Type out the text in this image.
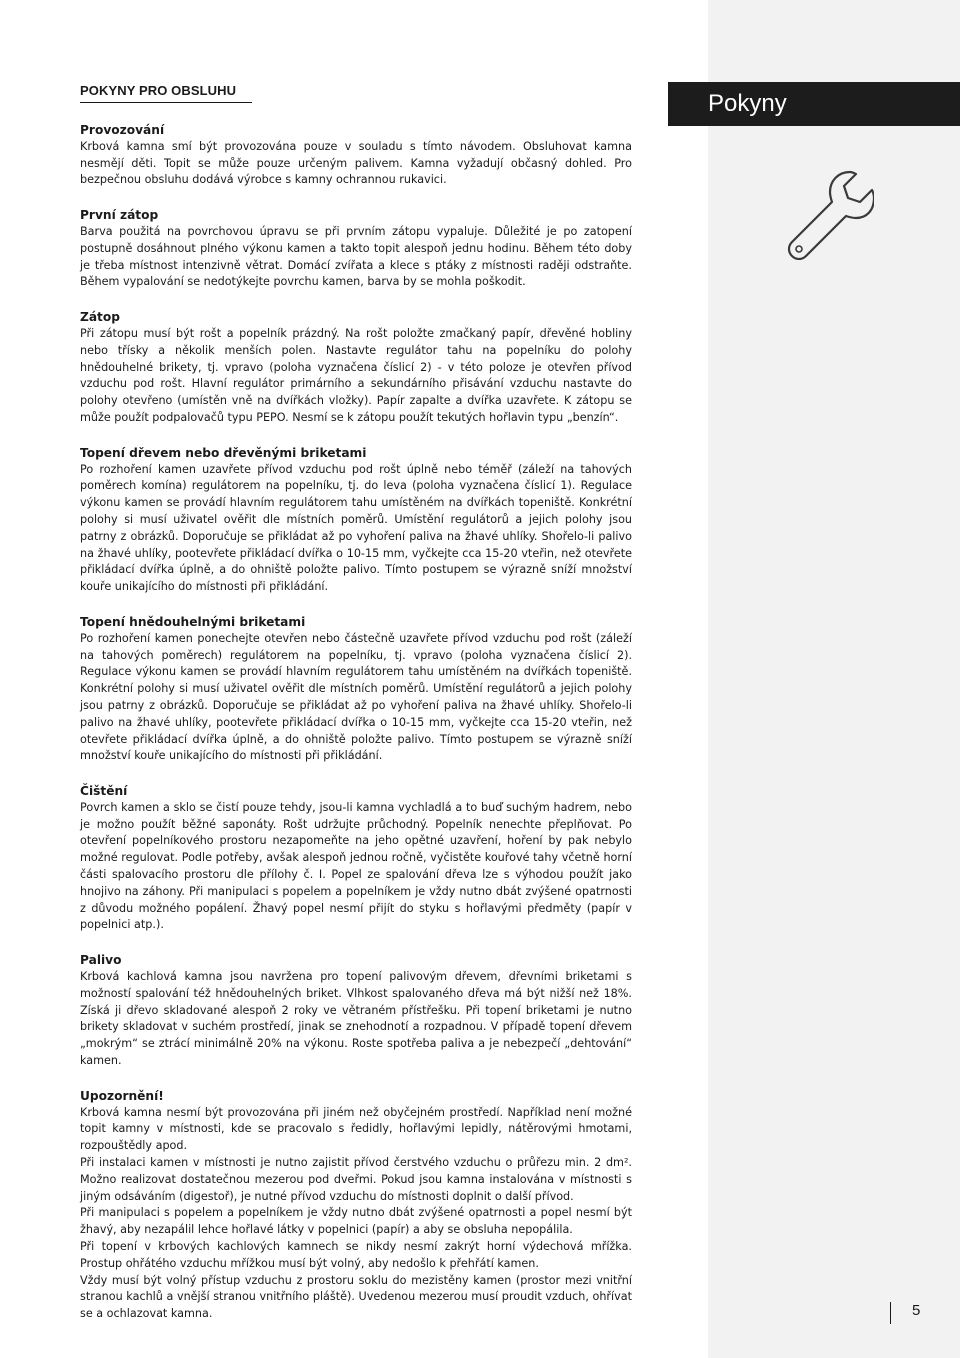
Pokyny
POKYNY PRO OBSLUHU
Provozování

Krbová kamna smí být provozována pouze v souladu s tímto návodem. Obsluhovat kamna nesmějí děti. Topit se může pouze určeným palivem. Kamna vyžadují občasný dohled. Pro bezpečnou obsluhu dodává výrobce s kamny ochrannou rukavici.

První zátop

Barva použitá na povrchovou úpravu se při prvním zátopu vypaluje. Důležité je po zatopení postupně dosáhnout plného výkonu kamen a takto topit alespoň jednu hodinu. Během této doby je třeba místnost intenzivně větrat. Domácí zvířata a klece s ptáky z místnosti raději odstraňte. Během vypalování se nedotýkejte povrchu kamen, barva by se mohla poškodit.

Zátop

Při zátopu musí být rošt a popelník prázdný. Na rošt položte zmačkaný papír, dřevěné hobliny nebo třísky a několik menších polen. Nastavte regulátor tahu na popelníku do polohy hnědouhelné brikety, tj. vpravo (poloha vyznačena číslicí 2) - v této poloze je otevřen přívod vzduchu pod rošt. Hlavní regulátor primárního a sekundárního přisávání vzduchu nastavte do polohy otevřeno (umístěn vně na dvířkách vložky). Papír zapalte a dvířka uzavřete. K zátopu se může použít podpalovačů typu PEPO. Nesmí se k zátopu použít tekutých hořlavin typu „benzín“.

Topení dřevem nebo dřevěnými briketami

Po rozhoření kamen uzavřete přívod vzduchu pod rošt úplně nebo téměř (záleží na tahových poměrech komína) regulátorem na popelníku, tj. do leva (poloha vyznačena číslicí 1). Regulace výkonu kamen se provádí hlavním regulátorem tahu umístěném na dvířkách topeniště. Konkrétní polohy si musí uživatel ověřit dle místních poměrů. Umístění regulátorů a jejich polohy jsou patrny z obrázků. Doporučuje se přikládat až po vyhoření paliva na žhavé uhlíky. Shořelo-li palivo na žhavé uhlíky, pootevřete přikládací dvířka o 10-15 mm, vyčkejte cca 15-20 vteřin, než otevřete přikládací dvířka úplně, a do ohniště položte palivo. Tímto postupem se výrazně sníží množství kouře unikajícího do místnosti při přikládání.

Topení hnědouhelnými briketami

Po rozhoření kamen ponechejte otevřen nebo částečně uzavřete přívod vzduchu pod rošt (záleží na tahových poměrech) regulátorem na popelníku, tj. vpravo (poloha vyznačena číslicí 2). Regulace výkonu kamen se provádí hlavním regulátorem tahu umístěném na dvířkách topeniště. Konkrétní polohy si musí uživatel ověřit dle místních poměrů. Umístění regulátorů a jejich polohy jsou patrny z obrázků. Doporučuje se přikládat až po vyhoření paliva na žhavé uhlíky. Shořelo-li palivo na žhavé uhlíky, pootevřete přikládací dvířka o 10-15 mm, vyčkejte cca 15-20 vteřin, než otevřete přikládací dvířka úplně, a do ohniště položte palivo. Tímto postupem se výrazně sníží množství kouře unikajícího do místnosti při přikládání.

Čištění

Povrch kamen a sklo se čistí pouze tehdy, jsou-li kamna vychladlá a to buď suchým hadrem, nebo je možno použít běžné saponáty. Rošt udržujte průchodný. Popelník nenechte přeplňovat. Po otevření popelníkového prostoru nezapomeňte na jeho opětné uzavření, hoření by pak nebylo možné regulovat. Podle potřeby, avšak alespoň jednou ročně, vyčistěte kouřové tahy včetně horní části spalovacího prostoru dle přílohy č. I. Popel ze spalování dřeva lze s výhodou použít jako hnojivo na záhony. Při manipulaci s popelem a popelníkem je vždy nutno dbát zvýšené opatrnosti z důvodu možného popálení. Žhavý popel nesmí přijít do styku s hořlavými předměty (papír v popelnici atp.).

Palivo

Krbová kachlová kamna jsou navržena pro topení palivovým dřevem, dřevními briketami s možností spalování též hnědouhelných briket. Vlhkost spalovaného dřeva má být nižší než 18%. Získá ji dřevo skladované alespoň 2 roky ve větraném přístřešku. Při topení briketami je nutno brikety skladovat v suchém prostředí, jinak se znehodnotí a rozpadnou. V případě topení dřevem „mokrým“ se ztrácí minimálně 20% na výkonu. Roste spotřeba paliva a je nebezpečí „dehtování“ kamen.

Upozornění!

Krbová kamna nesmí být provozována při jiném než obyčejném prostředí. Například není možné topit kamny v místnosti, kde se pracovalo s ředidly, hořlavými lepidly, nátěrovými hmotami, rozpouštědly apod.

Při instalaci kamen v místnosti je nutno zajistit přívod čerstvého vzduchu o průřezu min. 2 dm². Možno realizovat dostatečnou mezerou pod dveřmi. Pokud jsou kamna instalována v místnosti s jiným odsáváním (digestoř), je nutné přívod vzduchu do místnosti doplnit o další přívod.

Při manipulaci s popelem a popelníkem je vždy nutno dbát zvýšené opatrnosti a popel nesmí být žhavý, aby nezapálil lehce hořlavé látky v popelnici (papír) a aby se obsluha nepopálila.

Při topení v krbových kachlových kamnech se nikdy nesmí zakrýt horní výdechová mřížka. Prostup ohřátého vzduchu mřížkou musí být volný, aby nedošlo k přehřátí kamen.

Vždy musí být volný přístup vzduchu z prostoru soklu do mezistěny kamen (prostor mezi vnitřní stranou kachlů a vnější stranou vnitřního pláště). Uvedenou mezerou musí proudit vzduch, ohřívat se a ochlazovat kamna.	5
